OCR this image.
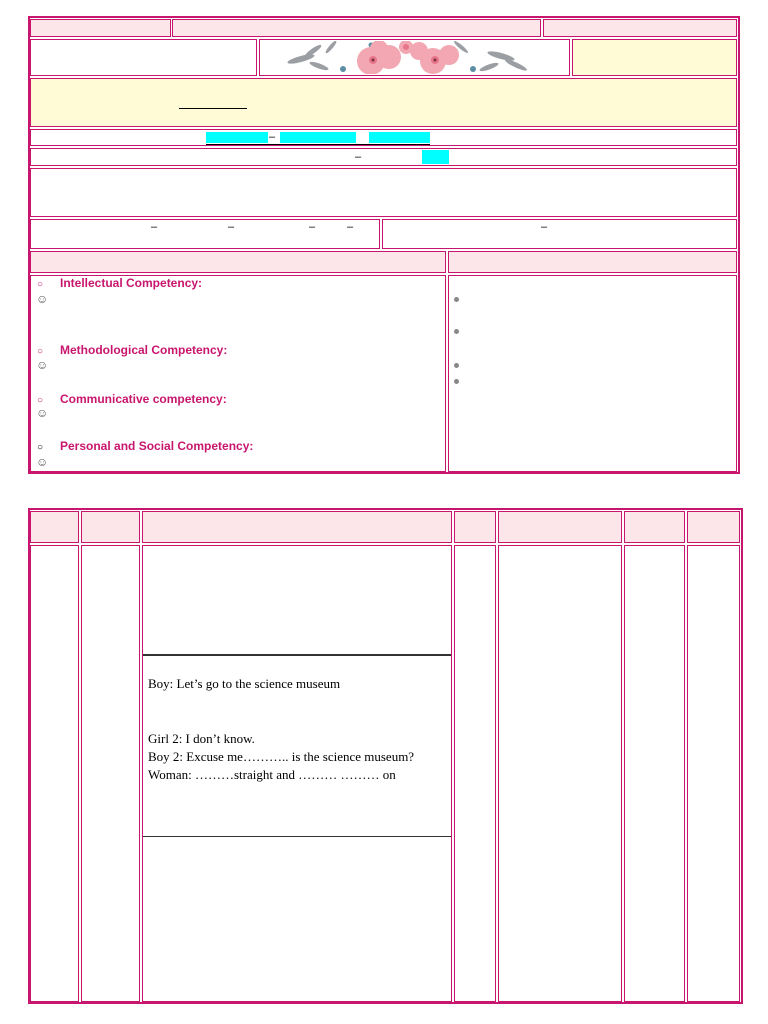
–
–
–	–	–	–	–
○ Intellectual Competency:
☺
○ Methodological Competency:
☺
○ Communicative competency:
☺
○ Personal and Social Competency:
☺
Boy: Let’s go to the science museum
Girl 2: I don’t know.
Boy 2: Excuse me……….. is the science museum?
Woman: ………straight and ……… ……… on
